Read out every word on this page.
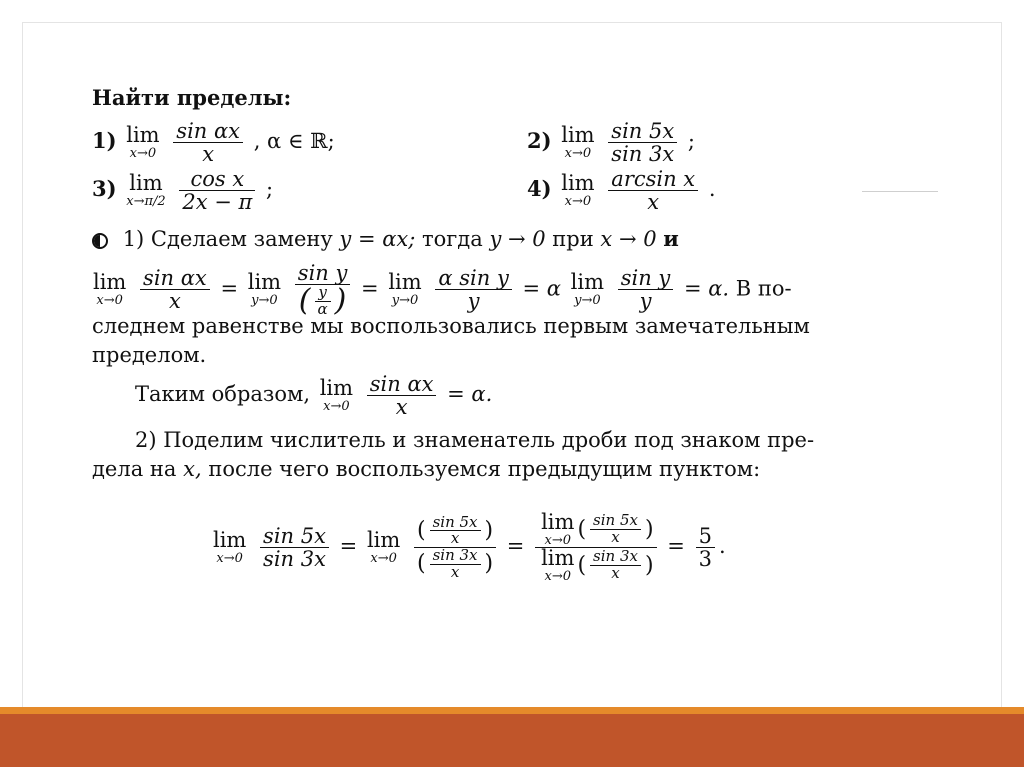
Найти пределы:
1) lim
x→0
$\frac{\text{sin αx}}{x}$ , α ∈ ℝ;	2) lim
x→0
$\frac{\sin 5x}{\sin 3x}$ ;
3) lim
x→π/2
$\frac{\text{cos x}}{2x - \pi}$ ;	4) lim
x→0
$\frac{\text{arcsin x}}{x}$ .
1) Сделаем замену y = αx; тогда y → 0 при x → 0 и
lim
x→0
$\frac{\text{sin αx}}{x} = \lim$
y→0
$\frac{\text{sin y}}{( \frac{y}{\alpha} )} = \lim$
y→0
$\frac{\text{α sin y}}{y} = \alpha$ lim
y→0
$\frac{\text{sin y}}{y} = \alpha$. В по-
следнем равенстве мы воспользовались первым замечательным
пределом.
Таким образом, lim
x→0
$\frac{\text{sin αx}}{x} = \alpha$.
2) Поделим числитель и знаменатель дроби под знаком пре-
дела на x, после чего воспользуемся предыдущим пунктом:
lim
x→0
$\frac{\sin 5x}{\sin 3x} = \lim$
x→0
$\frac{( \frac{\sin 5x}{x} )}{( \frac{\sin 3x}{x} )} = \lim$
x→0 ( $\frac{\sin 5x}{x}$ )
lim
x→0 ( $\frac{\sin 3x}{x}$ ) = $\frac{5}{3}$ .
